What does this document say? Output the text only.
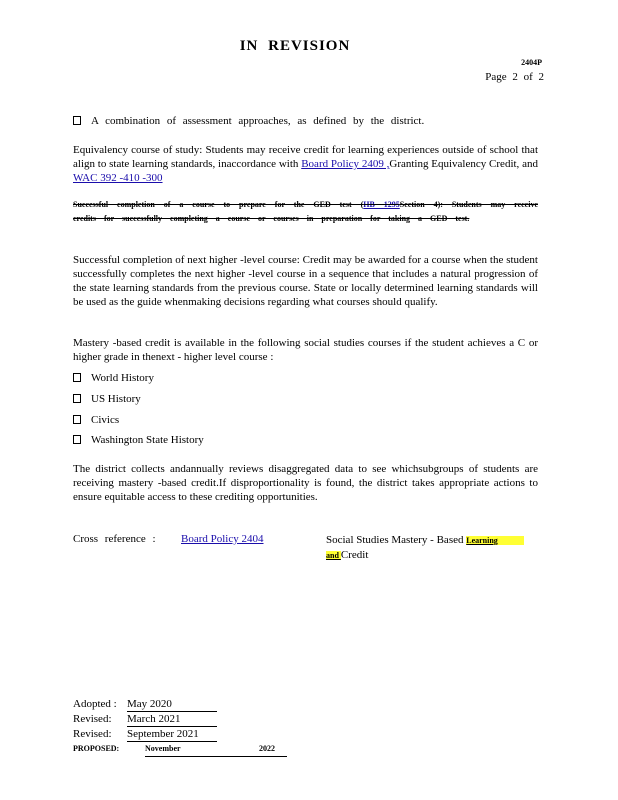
IN REVISION
2404P
Page 2 of 2
A combination of assessment approaches, as defined by the district.

Equivalency course of study: Students may receive credit for learning experiences outside of school that align to state learning standards, inaccordance with Board Policy 2409 ,Granting Equivalency Credit, and WAC 392 -410 -300

Successful completion of a course to prepare for the GED test (HB 1295Section 4): Students may receive credits for successfully completing a course or courses in preparation for taking a GED test.

Successful completion of next higher -level course: Credit may be awarded for a course when the student successfully completes the next higher -level course in a sequence that includes a natural progression of the state learning standards from the previous course. State or locally determined learning standards will be used as the guide whenmaking decisions regarding what courses should qualify.

Mastery -based credit is available in the following social studies courses if the student achieves a C or higher grade in thenext - higher level course :

World History
US History
Civics
Washington State History

The district collects andannually reviews disaggregated data to see whichsubgroups of students are receiving mastery -based credit.If disproportionality is found, the district takes appropriate actions to ensure equitable access to these crediting opportunities.

Cross reference : Board Policy 2404	Social Studies Mastery - Based Learning
and Credit
Adopted : May 2020
Revised:	March 2021
Revised:	September 2021
PROPOSED:	November	2022
